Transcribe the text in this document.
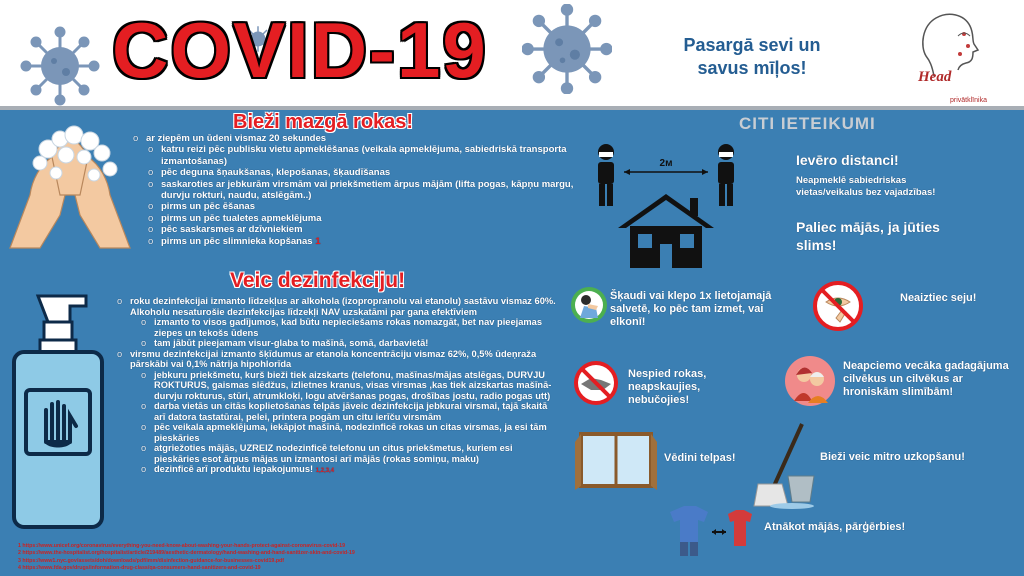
COVID-19	Pasargā sevi un
savus mīļos!	Head
privātklīnika
Bieži mazgā rokas!
o ar ziepēm un ūdeni vismaz 20 sekundes
o katru reizi pēc publisku vietu apmeklēšanas (veikala apmeklējuma, sabiedriskā transporta izmantošanas)
o pēc deguna šņaukšanas, klepošanas, šķaudīšanas
o saskaroties ar jebkurām virsmām vai priekšmetiem ārpus mājām (lifta pogas, kāpņu margu, durvju rokturi, naudu, atslēgām..)
o pirms un pēc ēšanas
o pirms un pēc tualetes apmeklējuma
o pēc saskarsmes ar dzīvniekiem
o pirms un pēc slimnieka kopšanas 1
Veic dezinfekciju!
o roku dezinfekcijai izmanto līdzekļus ar alkohola (izopropranolu vai etanolu) sastāvu vismaz 60%. Alkoholu nesaturošie dezinfekcijas līdzekļi NAV uzskatāmi par gana efektīviem
o izmanto to visos gadījumos, kad būtu nepieciešams rokas nomazgāt, bet nav pieejamas ziepes un tekošs ūdens
o tam jābūt pieejamam visur-glaba to mašīnā, somā, darbavietā!
o virsmu dezinfekcijai izmanto šķīdumus ar etanola koncentrāciju vismaz 62%, 0,5% ūdeņraža pārskābi vai 0,1% nātrija hipohlorīda
o jebkuru priekšmetu, kurš bieži tiek aizskarts (telefonu, mašīnas/mājas atslēgas, DURVJU ROKTURUS, gaismas slēdžus, izlietnes kranus, visas virsmas ,kas tiek aizskartas mašīnā-durvju rokturus, stūri, atrumkloķi, logu atvēršanas pogas, drošības jostu, radio pogas utt)
o darba vietās un citās koplietošanas telpās jāveic dezinfekcija jebkurai virsmai, tajā skaitā arī datora tastatūrai, pelei, printera pogām un citu ierīču virsmām
o pēc veikala apmeklējuma, iekāpjot mašīnā, nodezinficē rokas un citas virsmas, ja esi tām pieskāries
o atgriežoties mājās, UZREIZ nodezinficē telefonu un citus priekšmetus, kuriem esi pieskāries esot ārpus mājas un izmantosi arī mājās (rokas somiņu, maku)
o dezinficē arī produktu iepakojumus! 1,2,3,4
1 https://www.unicef.org/coronavirus/everything-you-need-know-about-washing-your-hands-protect-against-coronavirus-covid-19
2 https://www.the-hospitalist.org/hospitalist/article/219489/aesthetic-dermatology/hand-washing-and-hand-sanitizer-skin-and-covid-19
3 https://www1.nyc.gov/assets/doh/downloads/pdf/imm/disinfection-guidance-for-businesses-covid19.pdf
4 https://www.fda.gov/drugs/information-drug-class/qa-consumers-hand-sanitizers-and-covid-19
CITI IETEIKUMI
2м	Ievēro distanci!
Neapmeklē sabiedriskas vietas/veikalus bez vajadzības!
Paliec mājās, ja jūties slims!
Šķaudi vai klepo 1x lietojamajā salvetē, ko pēc tam izmet, vai elkonī!
Neaiztiec seju!
Nespied rokas, neapskaujies, nebučojies!
Neapciemo vecāka gadagājuma cilvēkus un cilvēkus ar hroniskām slimībām!
Vēdini telpas!	Bieži veic mitro uzkopšanu!
Atnākot mājās, pārģērbies!
